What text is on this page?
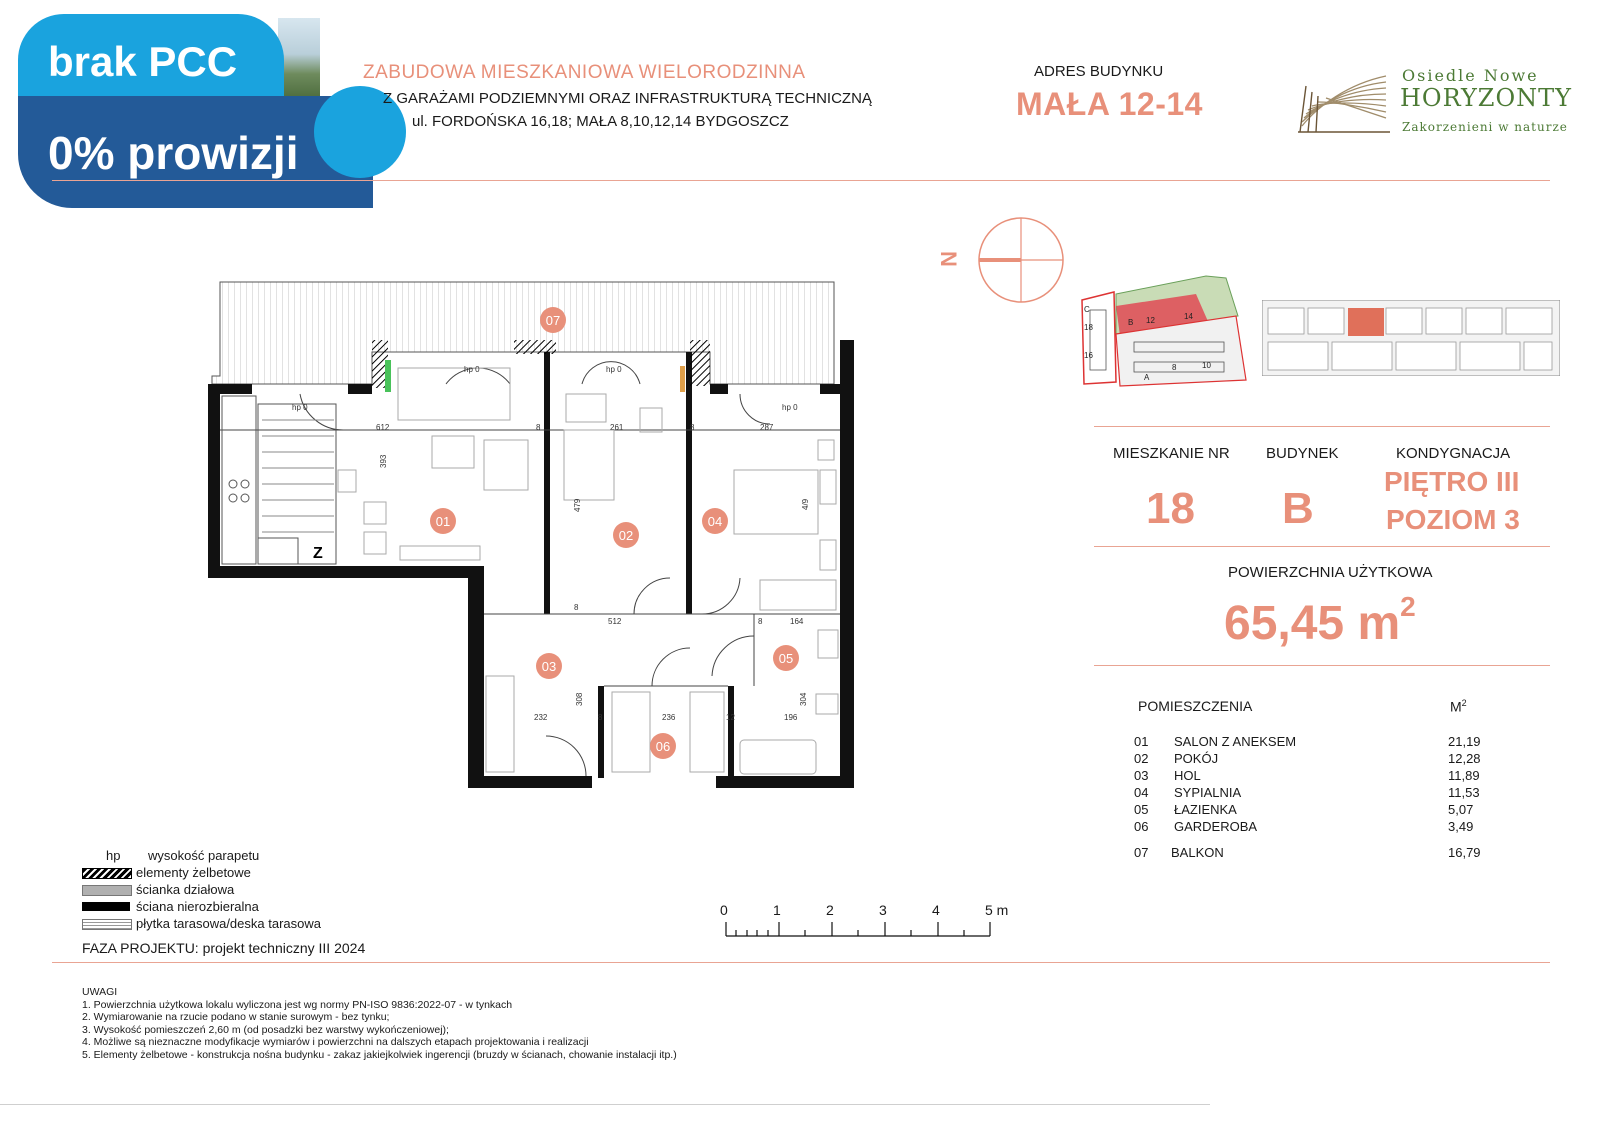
brak PCC
0% prowizji
ZABUDOWA MIESZKANIOWA WIELORODZINNA
Z GARAŻAMI PODZIEMNYMI ORAZ INFRASTRUKTURĄ TECHNICZNĄ
ul. FORDOŃSKA 16,18; MAŁA 8,10,12,14 BYDGOSZCZ
ADRES BUDYNKU
MAŁA 12-14
Osiedle Nowe
HORYZONTY
Zakorzenieni w naturze
N
B 12	14
C
18
16
A
8	10
MIESZKANIE NR BUDYNEK	KONDYGNACJA
18 B
PIĘTRO III
POZIOM 3
POWIERZCHNIA UŻYTKOWA
65,45 $m^2$
POMIESZCZENIA	$M^2$
01 SALON Z ANEKSEM	21,19
02 POKÓJ	12,28
03 HOL	11,89
04 SYPIALNIA	11,53
05 ŁAZIENKA	5,07
06 GARDEROBA	3,49
07 BALKON	16,79
Z
612
393
261
479
287
4/9
512	164
308
232	236	196
304
8	8
8
8	12
8
hp 0	hp 0
hp 0	hp 0
07
01
02
04
03
05
06
hp wysokość parapetu
elementy żelbetowe
ścianka działowa
ściana nierozbieralna
płytka tarasowa/deska tarasowa
FAZA PROJEKTU: projekt techniczny III 2024
0	1	2	3	4	5 m
UWAGI
1. Powierzchnia użytkowa lokalu wyliczona jest wg normy PN-ISO 9836:2022-07 - w tynkach
2. Wymiarowanie na rzucie podano w stanie surowym - bez tynku;
3. Wysokość pomieszczeń 2,60 m (od posadzki bez warstwy wykończeniowej);
4. Możliwe są nieznaczne modyfikacje wymiarów i powierzchni na dalszych etapach projektowania i realizacji
5. Elementy żelbetowe - konstrukcja nośna budynku - zakaz jakiejkolwiek ingerencji (bruzdy w ścianach, chowanie instalacji itp.)
